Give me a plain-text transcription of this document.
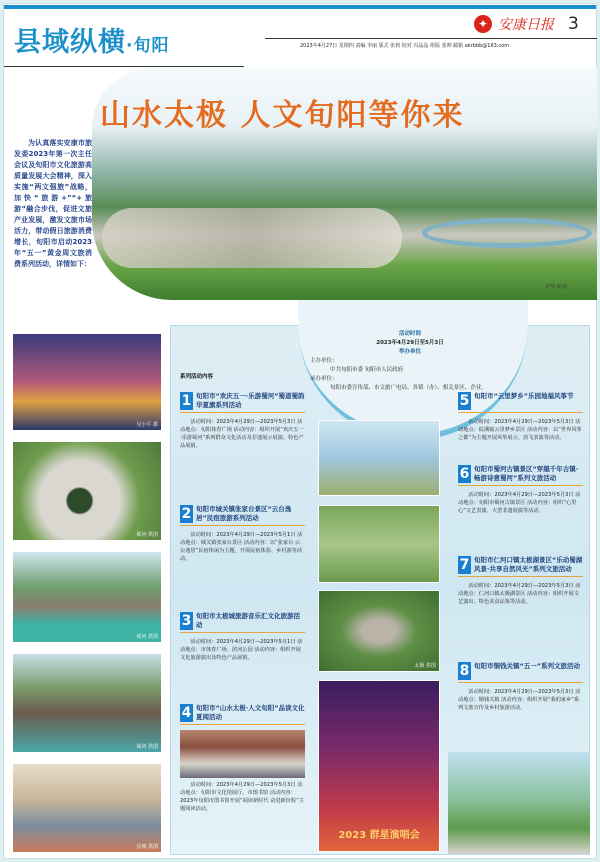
县域纵横·旬阳
✦ 安康日报 3
2023年4月27日 星期四 责编 李丽 版式 张莉 校对 冯晶晶 组版 张帅 邮箱 akrbbb@163.com
申华 航拍
山水太极 人文旬阳等你来
为认真落实安康市旅发委2023年第一次主任会议及旬阳市文化旅游高质量发展大会精神，深入实施“两文强旅”战略，加快“旅游+”“+旅游”融合步伐，促进文旅产业发展，激发文旅市场活力，带动假日旅游消费增长，旬阳市启动2023年“五一”黄金周文旅消费系列活动，详情如下：
吴小平 摄
蜀河 供图
蜀河 供图
蜀河 供图
县城 供图
活动时间
2023年4月29日至5月3日
举办单位
主办单位：
中共旬阳市委 旬阳市人民政府
承办单位：
旬阳市委宣传部、市文旅广电局、各镇（办）、相关景区、企业。
系列活动内容
1 旬阳市“欢庆五一·乐游蜀河”蜀道蜀韵华夏旗系列活动

活动时间：2023年4月29日—2023年5月3日 活动地点：旬阳体育广场 活动内容：组织开展“欢庆五一·乐游蜀河”系列群众文化活动及非遗展示展演、特色产品展销。

2 旬阳市城关镇张家台景区“云台逸居”民宿旅游系列活动

活动时间：2023年4月29日—2023年5月1日 活动地点：城关镇张家台景区 活动内容：以“张家台·云台逸居”民宿休闲为主题，开展民宿体验、乡村游等活动。

3 旬阳市太极城旅游音乐汇文化旅游活动

活动时间：2023年4月29日—2023年5月1日 活动地点：市体育广场、滨河公园 活动内容：组织开展文化旅游演出及特色产品展销。

4 旬阳市“山水太极·人文旬阳”品读文化夏阅活动

活动时间：2023年4月29日—2023年5月3日 活动地点：旬阳市文化馆展厅、市图书馆 活动内容：2023年旬阳市图书馆开展“阅读新时代 奋进新征程”主题阅读活动。

5 旬阳市“云里梦乡”乐园地福风筝节

活动时间：2023年4月29日—2023年5月3日 活动地点：棕溪镇云里梦乡景区 活动内容：以“世界风筝之都”为主题开展风筝展示、放飞表演等活动。

6 旬阳市蜀河古镇景区“穿越千年古镇·畅游诗意蜀河”系列文旅活动

活动时间：2023年4月29日—2023年5月3日 活动地点：旬阳市蜀河古镇景区 活动内容：组织“心里心”文艺表演、大型非遗展演等活动。

7 旬阳市仁河口镇太极湖景区“乐动蜀湖风景·共享自然风光”系列文旅活动

活动时间：2023年4月29日—2023年5月3日 活动地点：仁河口镇太极湖景区 活动内容：组织开展文艺演出、特色美食品鉴等活动。

8 旬阳市铜钱关镇“五一”系列文旅活动

活动时间：2023年4月29日—2023年5月3日 活动地点：铜钱关镇 活动内容：组织开展“我的家乡”系列文旅宣传及乡村旅游活动。

太极 供图
2023 群星演唱会
